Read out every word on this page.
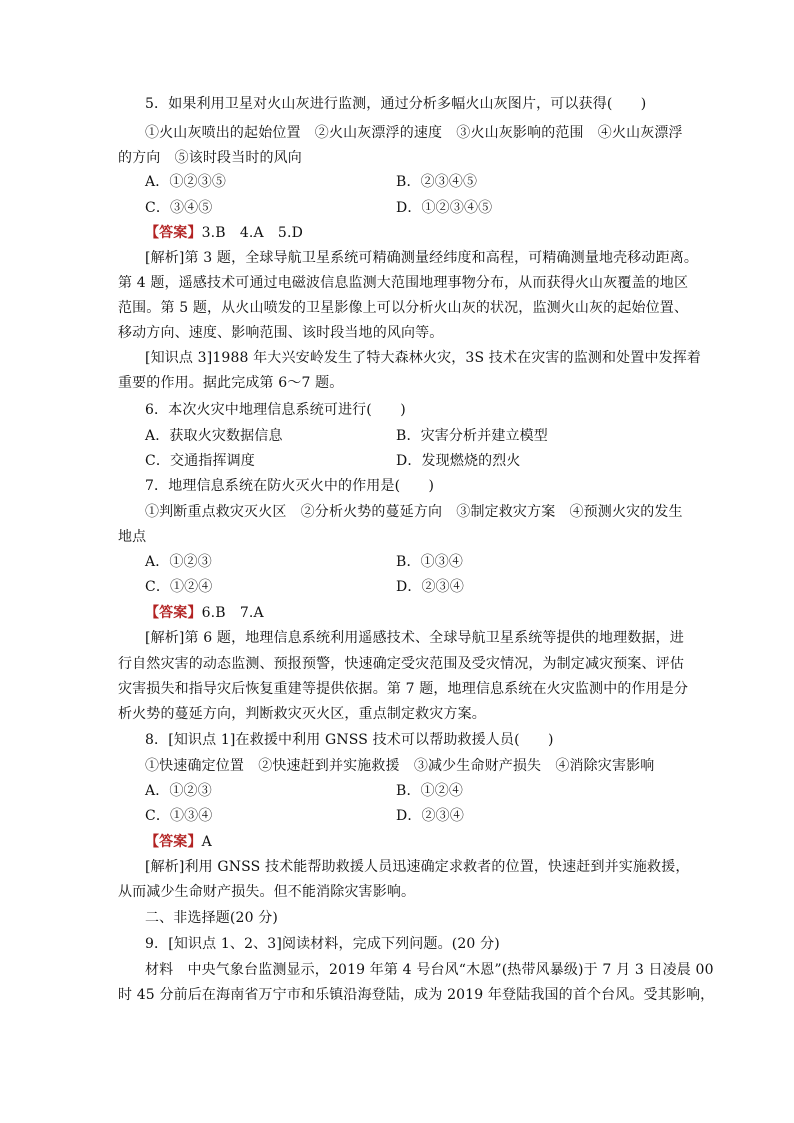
5．如果利用卫星对火山灰进行监测，通过分析多幅火山灰图片，可以获得(　　)
①火山灰喷出的起始位置　②火山灰漂浮的速度　③火山灰影响的范围　④火山灰漂浮
的方向　⑤该时段当时的风向
A．①②③⑤	B．②③④⑤
C．③④⑤	D．①②③④⑤
【答案】3.B　4.A　5.D
[解析]第 3 题，全球导航卫星系统可精确测量经纬度和高程，可精确测量地壳移动距离。
第 4 题，遥感技术可通过电磁波信息监测大范围地理事物分布，从而获得火山灰覆盖的地区
范围。第 5 题，从火山喷发的卫星影像上可以分析火山灰的状况，监测火山灰的起始位置、
移动方向、速度、影响范围、该时段当地的风向等。
[知识点 3]1988 年大兴安岭发生了特大森林火灾，3S 技术在灾害的监测和处置中发挥着
重要的作用。据此完成第 6～7 题。
6．本次火灾中地理信息系统可进行(　　)
A．获取火灾数据信息	B．灾害分析并建立模型
C．交通指挥调度	D．发现燃烧的烈火
7．地理信息系统在防火灭火中的作用是(　　)
①判断重点救灾灭火区　②分析火势的蔓延方向　③制定救灾方案　④预测火灾的发生
地点
A．①②③	B．①③④
C．①②④	D．②③④
【答案】6.B　7.A
[解析]第 6 题，地理信息系统利用遥感技术、全球导航卫星系统等提供的地理数据，进
行自然灾害的动态监测、预报预警，快速确定受灾范围及受灾情况，为制定减灾预案、评估
灾害损失和指导灾后恢复重建等提供依据。第 7 题，地理信息系统在火灾监测中的作用是分
析火势的蔓延方向，判断救灾灭火区，重点制定救灾方案。
8．[知识点 1]在救援中利用 GNSS 技术可以帮助救援人员(　　)
①快速确定位置　②快速赶到并实施救援　③减少生命财产损失　④消除灾害影响
A．①②③	B．①②④
C．①③④	D．②③④
【答案】A
[解析]利用 GNSS 技术能帮助救援人员迅速确定求救者的位置，快速赶到并实施救援，
从而减少生命财产损失。但不能消除灾害影响。
二、非选择题(20 分)
9．[知识点 1、2、3]阅读材料，完成下列问题。(20 分)
材料　中央气象台监测显示，2019 年第 4 号台风“木恩”(热带风暴级)于 7 月 3 日凌晨 00
时 45 分前后在海南省万宁市和乐镇沿海登陆，成为 2019 年登陆我国的首个台风。受其影响，
